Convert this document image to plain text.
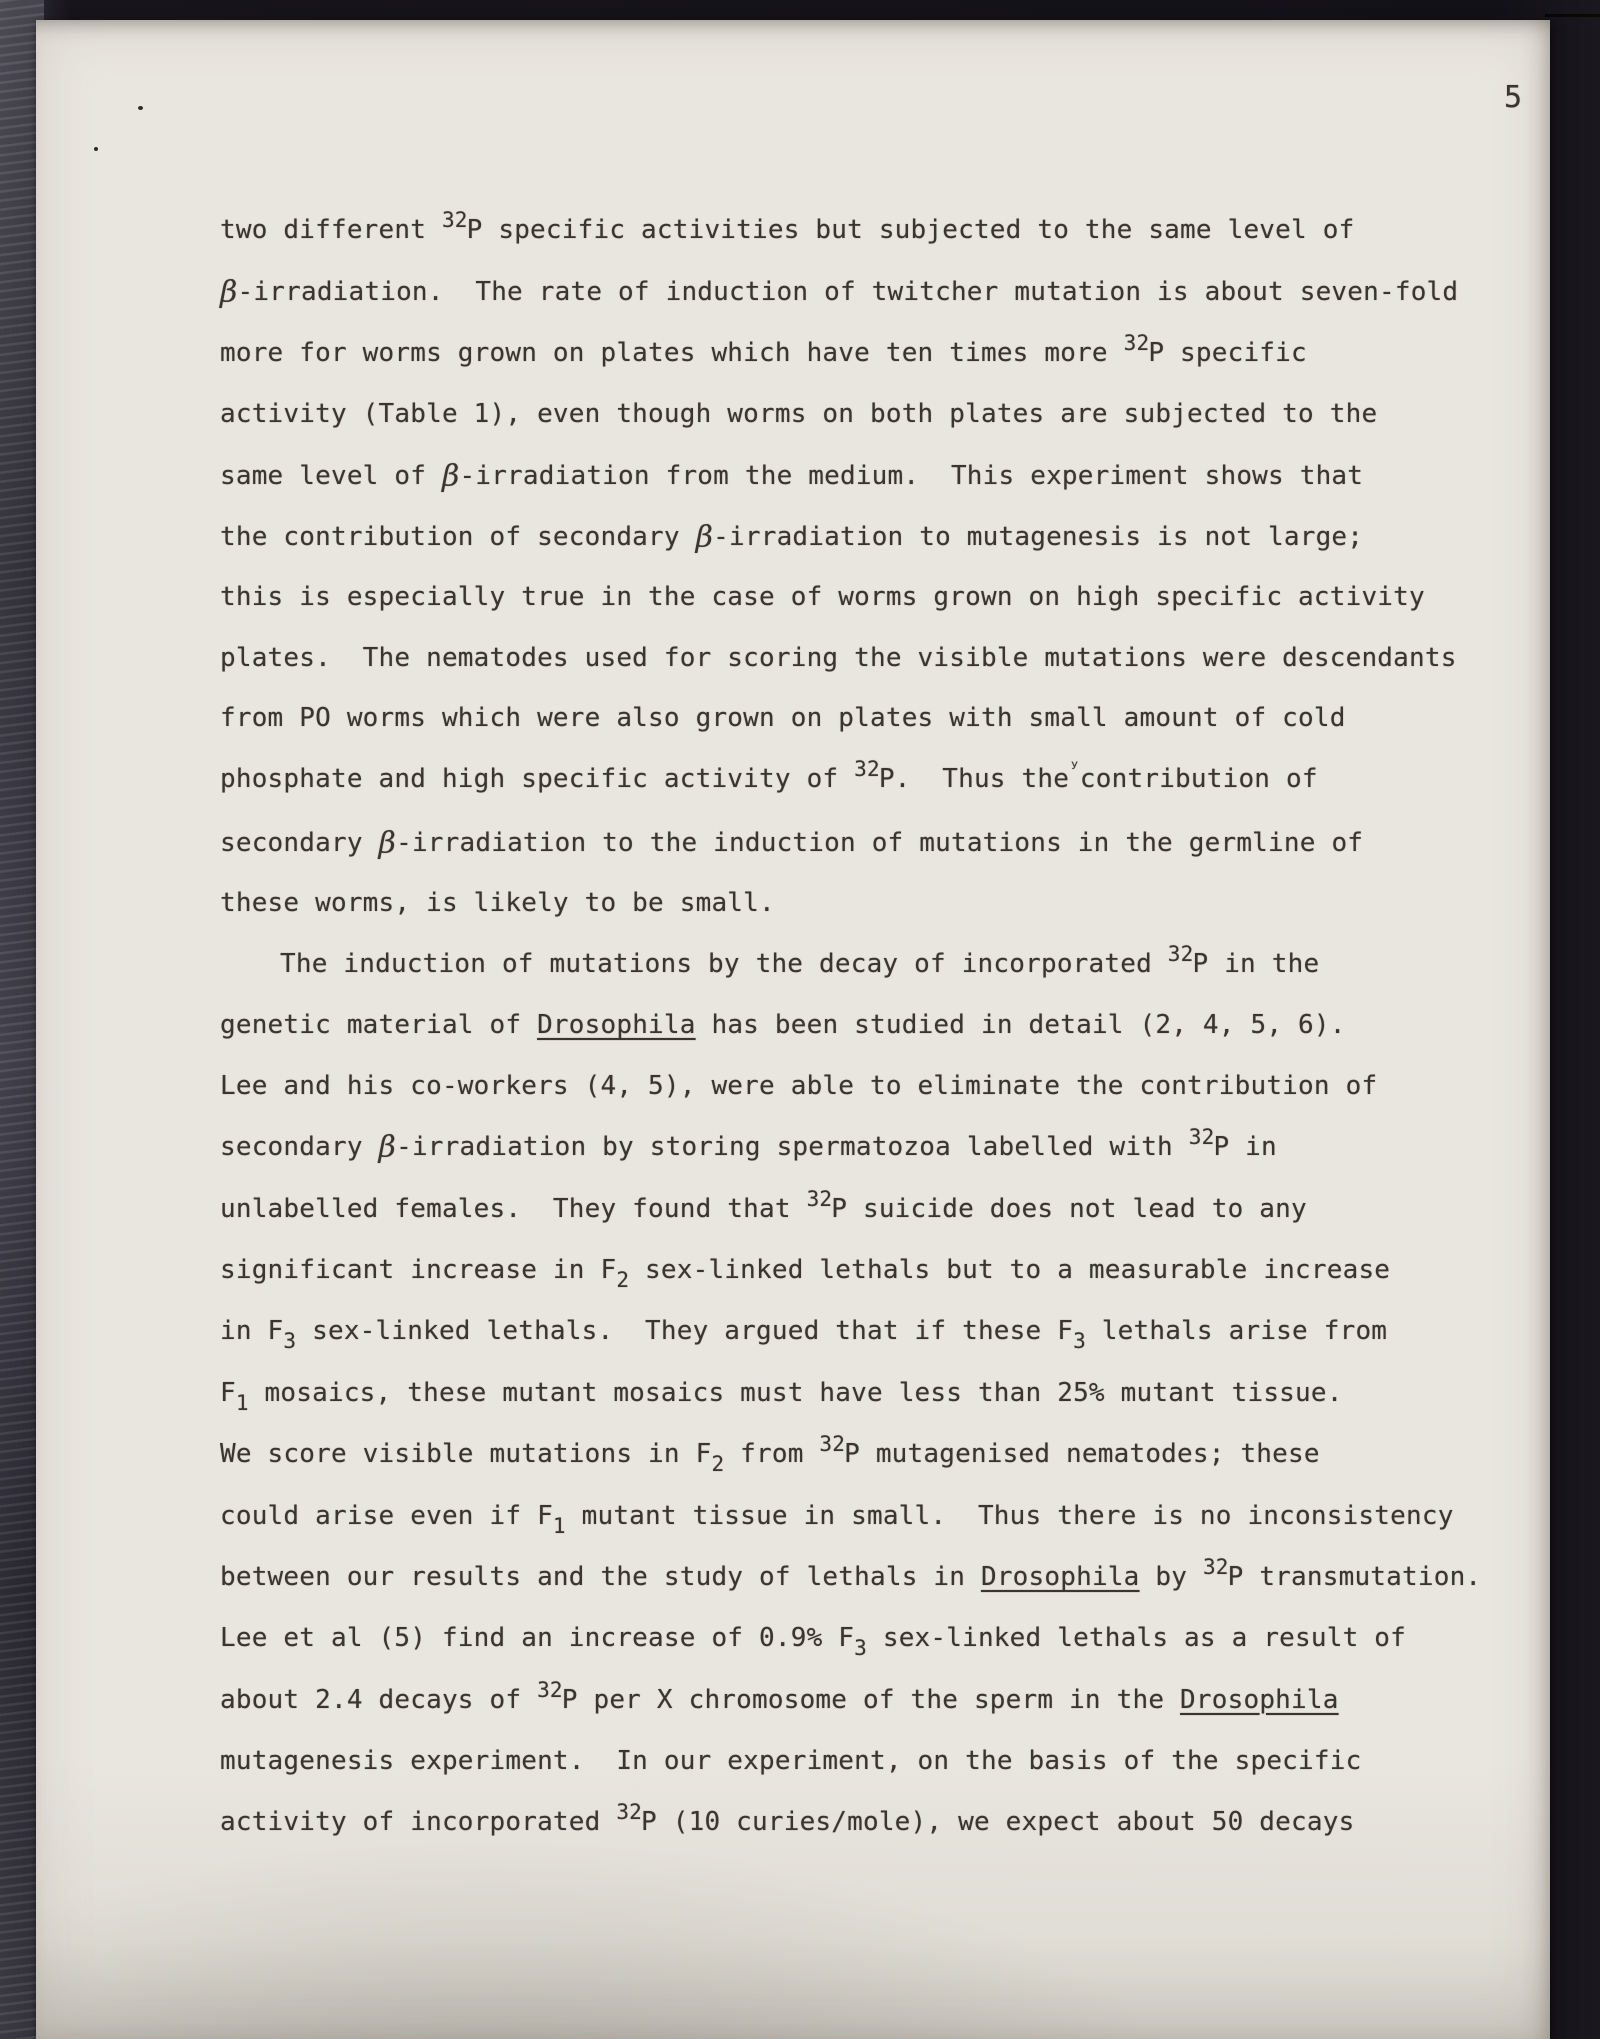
5
two different 32P specific activities but subjected to the same level of
β-irradiation.  The rate of induction of twitcher mutation is about seven-fold
more for worms grown on plates which have ten times more 32P specific
activity (Table 1), even though worms on both plates are subjected to the
same level of β-irradiation from the medium.  This experiment shows that
the contribution of secondary β-irradiation to mutagenesis is not large;
this is especially true in the case of worms grown on high specific activity
plates.  The nematodes used for scoring the visible mutations were descendants
from PO worms which were also grown on plates with small amount of cold
phosphate and high specific activity of 32P.  Thus theʸcontribution of
secondary β-irradiation to the induction of mutations in the germline of
these worms, is likely to be small.
The induction of mutations by the decay of incorporated 32P in the
genetic material of Drosophila has been studied in detail (2, 4, 5, 6).
Lee and his co-workers (4, 5), were able to eliminate the contribution of
secondary β-irradiation by storing spermatozoa labelled with 32P in
unlabelled females.  They found that 32P suicide does not lead to any
significant increase in F2 sex-linked lethals but to a measurable increase
in F3 sex-linked lethals.  They argued that if these F3 lethals arise from
F1 mosaics, these mutant mosaics must have less than 25% mutant tissue.
We score visible mutations in F2 from 32P mutagenised nematodes; these
could arise even if F1 mutant tissue in small.  Thus there is no inconsistency
between our results and the study of lethals in Drosophila by 32P transmutation.
Lee et al (5) find an increase of 0.9% F3 sex-linked lethals as a result of
about 2.4 decays of 32P per X chromosome of the sperm in the Drosophila
mutagenesis experiment.  In our experiment, on the basis of the specific
activity of incorporated 32P (10 curies/mole), we expect about 50 decays
